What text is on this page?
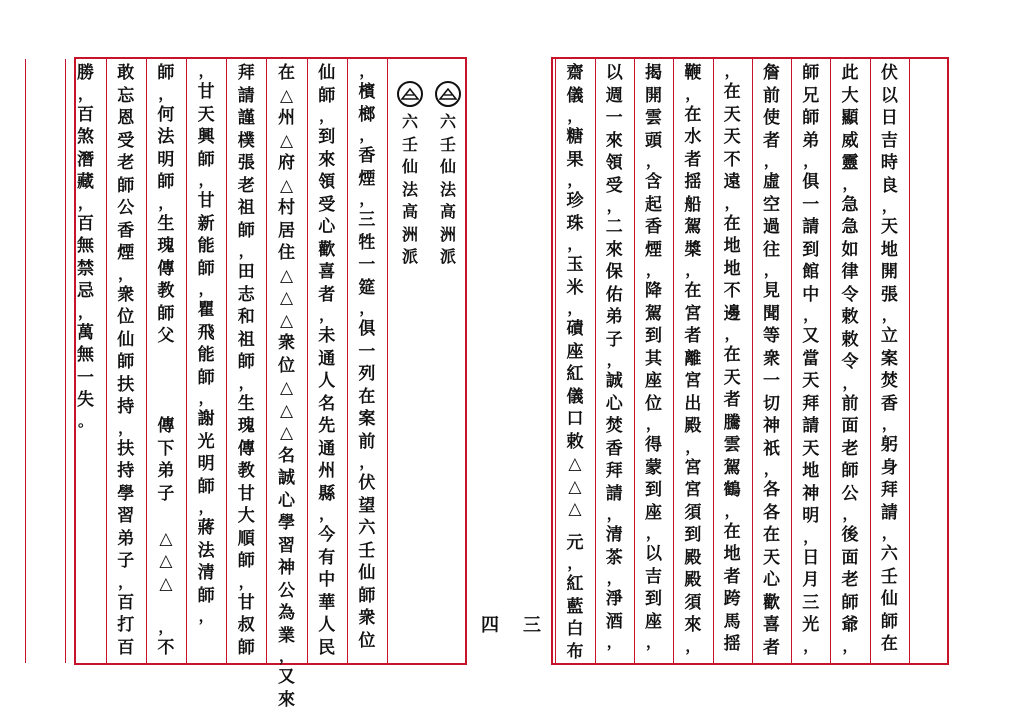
伏
以
日
吉
時
良
，
天
地
開
張
，
立
案
焚
香
，
躬
身
拜
請
，
六
壬
仙
師
在
此
大
顯
威
靈
，
急
急
如
律
令
敕
敕
令
，
前
面
老
師
公
，
後
面
老
師
爺
，
師
兄
師
弟
，
俱
一
請
到
館
中
，
又
當
天
拜
請
天
地
神
明
，
日
月
三
光
，
詹
前
使
者
，
虛
空
過
往
，
見
聞
等
衆
一
切
神
祇
，
各
各
在
天
心
歡
喜
者
，
在
天
天
不
遠
，
在
地
地
不
邊
，
在
天
者
騰
雲
駕
鶴
，
在
地
者
跨
馬
揺
鞭
，
在
水
者
揺
船
駕
槳
，
在
宮
者
離
宮
出
殿
，
宮
宮
須
到
殿
殿
須
來
，
揭
開
雲
頭
，
含
起
香
煙
，
降
駕
到
其
座
位
，
得
蒙
到
座
，
以
吉
到
座
，
以
週
一
來
領
受
，
二
來
保
佑
弟
子
，
誠
心
焚
香
拜
請
，
清
茶
，
淨
酒
，
齋
儀
，
糖
果
，
珍
珠
，
玉
米
，
磧
座
紅
儀
口
敕
△
△
△
元
，
紅
藍
白
布
三
六
壬
仙
法
高
洲
派
六
壬
仙
法
高
洲
派
，
檳
榔
，
香
煙
，
三
牲
一
筵
，
俱
一
列
在
案
前
，
伏
望
六
壬
仙
師
衆
位
仙
師
，
到
來
領
受
心
歡
喜
者
，
未
通
人
名
先
通
州
縣
，
今
有
中
華
人
民
在
△
州
△
府
△
村
居
住
△
△
△
衆
位
△
△
△
名
誠
心
學
習
神
公
為
業
，
又
來
拜
請
謹
樸
張
老
祖
師
，
田
志
和
祖
師
，
生
瑰
傳
教
甘
大
順
師
，
甘
叔
師
，
甘
天
興
師
，
甘
新
能
師
，
瞿
飛
能
師
，
謝
光
明
師
，
蔣
法
清
師
，
師
，
何
法
明
師
，
生
瑰
傳
教
師
父

傳
下
弟
子
△
△
△
，
不
敢
忘
恩
受
老
師
公
香
煙
，
衆
位
仙
師
扶
持
，
扶
持
學
習
弟
子
，
百
打
百
勝
，
百
煞
潛
藏
，
百
無
禁
忌
，
萬
無
一
失
。
四
